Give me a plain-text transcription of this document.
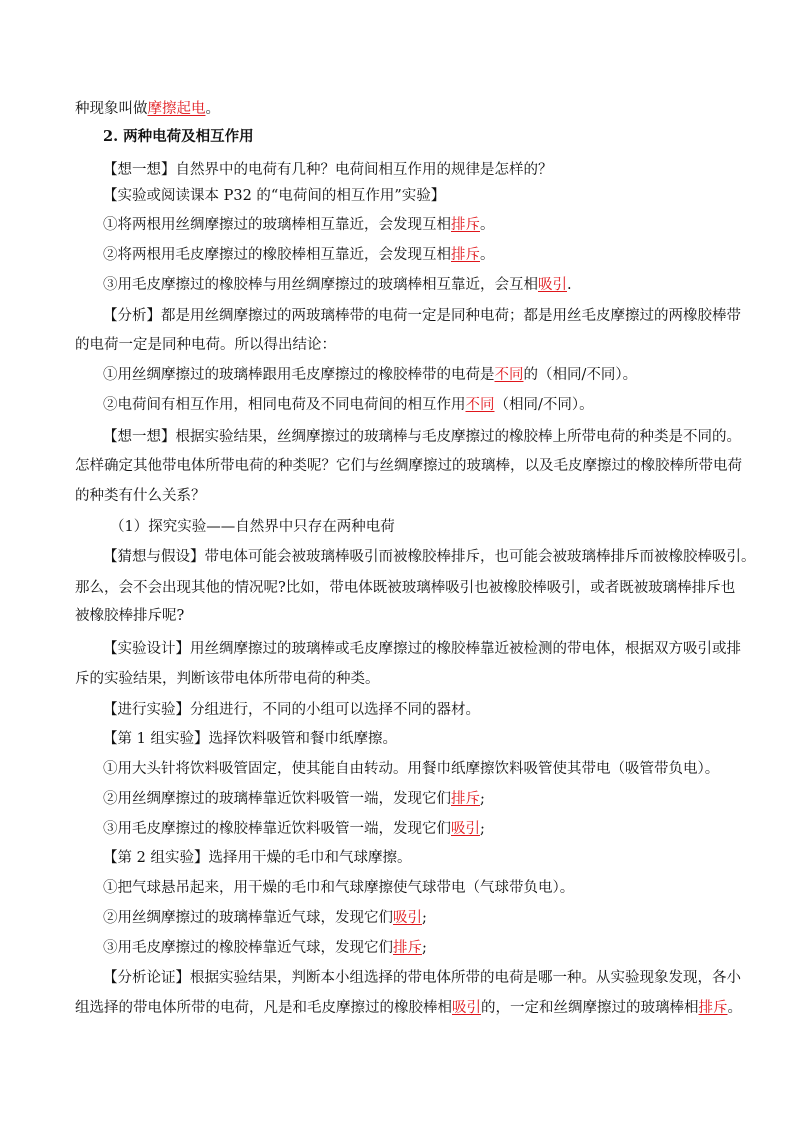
种现象叫做摩擦起电。
2. 两种电荷及相互作用
【想一想】自然界中的电荷有几种？电荷间相互作用的规律是怎样的？
【实验或阅读课本 P32 的“电荷间的相互作用”实验】
①将两根用丝绸摩擦过的玻璃棒相互靠近，会发现互相排斥。
②将两根用毛皮摩擦过的橡胶棒相互靠近，会发现互相排斥。
③用毛皮摩擦过的橡胶棒与用丝绸摩擦过的玻璃棒相互靠近，会互相吸引.
【分析】都是用丝绸摩擦过的两玻璃棒带的电荷一定是同种电荷；都是用丝毛皮摩擦过的两橡胶棒带
的电荷一定是同种电荷。所以得出结论：
①用丝绸摩擦过的玻璃棒跟用毛皮摩擦过的橡胶棒带的电荷是不同的（相同/不同）。
②电荷间有相互作用，相同电荷及不同电荷间的相互作用不同（相同/不同）。
【想一想】根据实验结果，丝绸摩擦过的玻璃棒与毛皮摩擦过的橡胶棒上所带电荷的种类是不同的。
怎样确定其他带电体所带电荷的种类呢？它们与丝绸摩擦过的玻璃棒，以及毛皮摩擦过的橡胶棒所带电荷
的种类有什么关系？
（1）探究实验——自然界中只存在两种电荷
【猜想与假设】带电体可能会被玻璃棒吸引而被橡胶棒排斥，也可能会被玻璃棒排斥而被橡胶棒吸引。
那么，会不会出现其他的情况呢?比如，带电体既被玻璃棒吸引也被橡胶棒吸引，或者既被玻璃棒排斥也
被橡胶棒排斥呢?
【实验设计】用丝绸摩擦过的玻璃棒或毛皮摩擦过的橡胶棒靠近被检测的带电体，根据双方吸引或排
斥的实验结果，判断该带电体所带电荷的种类。
【进行实验】分组进行，不同的小组可以选择不同的器材。
【第 1 组实验】选择饮料吸管和餐巾纸摩擦。
①用大头针将饮料吸管固定，使其能自由转动。用餐巾纸摩擦饮料吸管使其带电（吸管带负电）。
②用丝绸摩擦过的玻璃棒靠近饮料吸管一端，发现它们排斥;
③用毛皮摩擦过的橡胶棒靠近饮料吸管一端，发现它们吸引;
【第 2 组实验】选择用干燥的毛巾和气球摩擦。
①把气球悬吊起来，用干燥的毛巾和气球摩擦使气球带电（气球带负电）。
②用丝绸摩擦过的玻璃棒靠近气球，发现它们吸引;
③用毛皮摩擦过的橡胶棒靠近气球，发现它们排斥;
【分析论证】根据实验结果，判断本小组选择的带电体所带的电荷是哪一种。从实验现象发现，各小
组选择的带电体所带的电荷，凡是和毛皮摩擦过的橡胶棒相吸引的，一定和丝绸摩擦过的玻璃棒相排斥。
